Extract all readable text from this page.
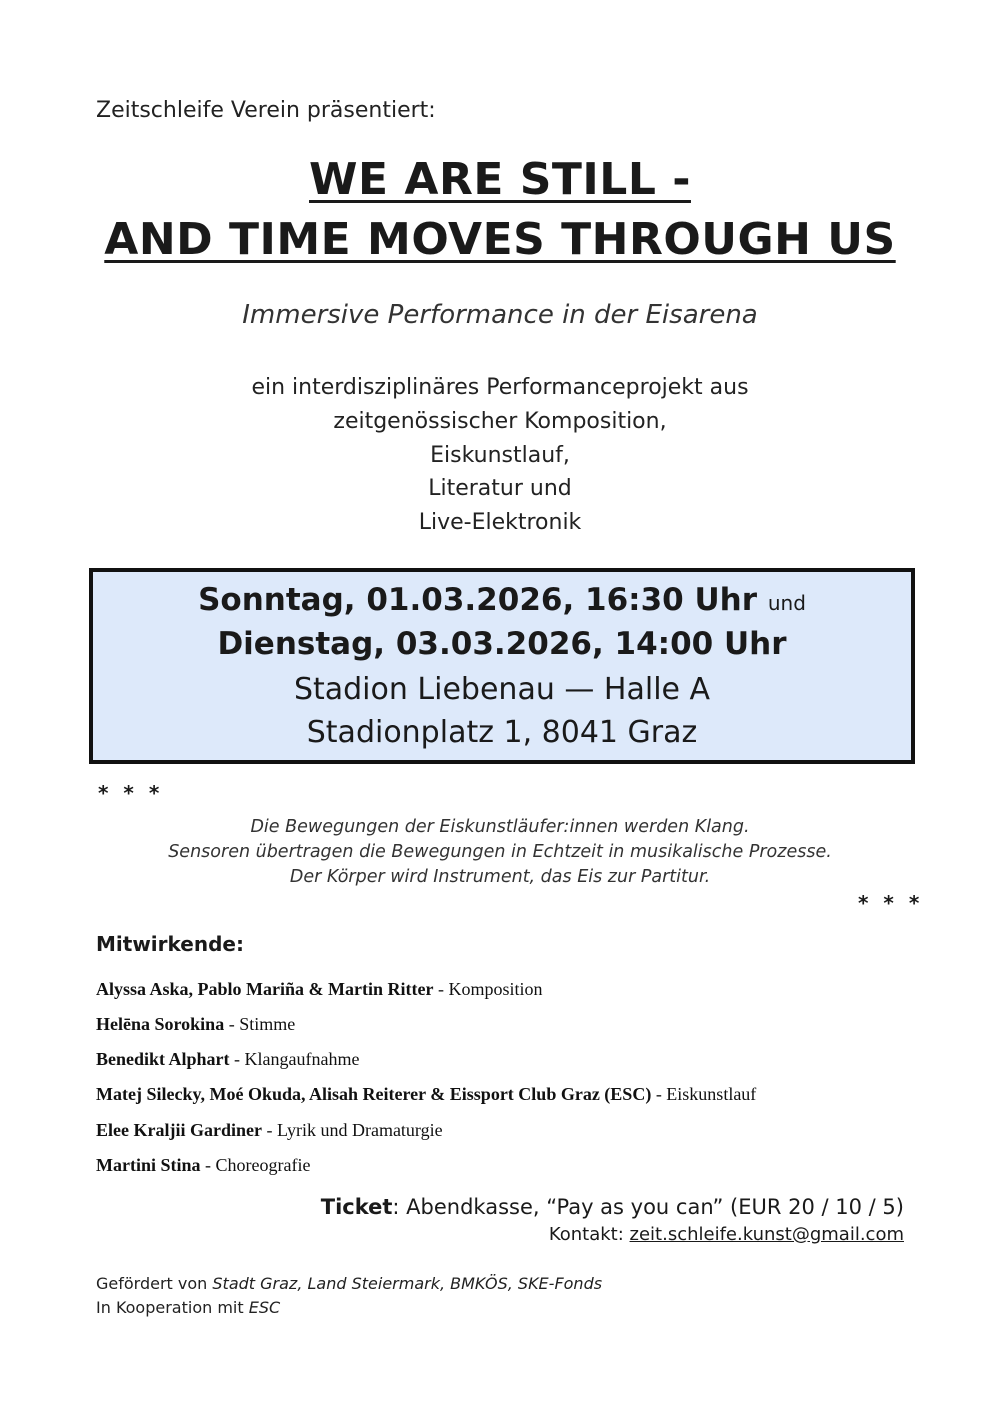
Zeitschleife Verein präsentiert:
WE ARE STILL -
AND TIME MOVES THROUGH US
Immersive Performance in der Eisarena
ein interdisziplinäres Performanceprojekt aus
zeitgenössischer Komposition,
Eiskunstlauf,
Literatur und
Live-Elektronik
Sonntag, 01.03.2026, 16:30 Uhr und
Dienstag, 03.03.2026, 14:00 Uhr
Stadion Liebenau — Halle A
Stadionplatz 1, 8041 Graz
* * *
Die Bewegungen der Eiskunstläufer:innen werden Klang.
Sensoren übertragen die Bewegungen in Echtzeit in musikalische Prozesse.
Der Körper wird Instrument, das Eis zur Partitur.
* * *
Mitwirkende:
Alyssa Aska, Pablo Mariña & Martin Ritter - Komposition
Helēna Sorokina - Stimme
Benedikt Alphart - Klangaufnahme
Matej Silecky, Moé Okuda, Alisah Reiterer & Eissport Club Graz (ESC) - Eiskunstlauf
Elee Kraljii Gardiner - Lyrik und Dramaturgie
Martini Stina - Choreografie
Ticket: Abendkasse, “Pay as you can” (EUR 20 / 10 / 5)
Kontakt: zeit.schleife.kunst@gmail.com
Gefördert von Stadt Graz, Land Steiermark, BMKÖS, SKE-Fonds
In Kooperation mit ESC
